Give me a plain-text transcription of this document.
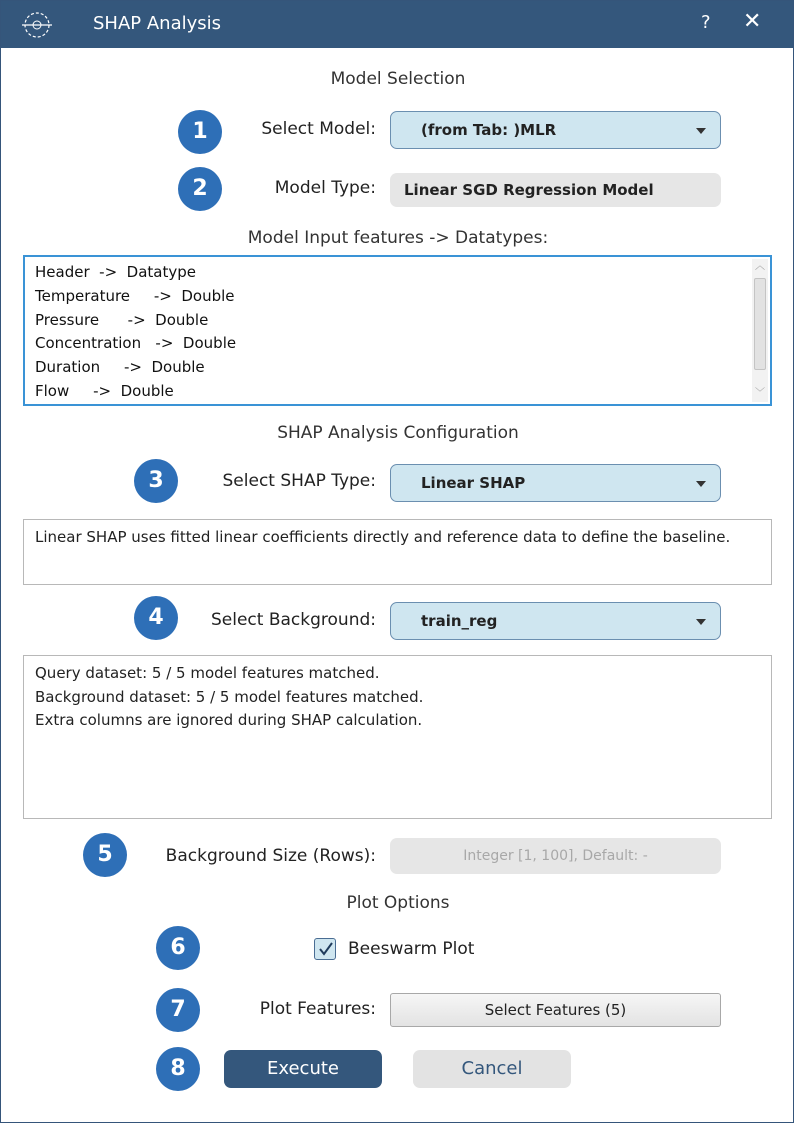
SHAP Analysis	? ✕
Model Selection
1	Select Model:	(from Tab: )MLR
2	Model Type:	Linear SGD Regression Model
Model Input features -> Datatypes:
Header  ->  Datatype
Temperature     ->  Double
Pressure      ->  Double
Concentration   ->  Double
Duration     ->  Double
Flow     ->  Double
︿
﹀
SHAP Analysis Configuration
3	Select SHAP Type:	Linear SHAP
Linear SHAP uses fitted linear coefficients directly and reference data to define the baseline.
4	Select Background:	train_reg
Query dataset: 5 / 5 model features matched.
Background dataset: 5 / 5 model features matched.
Extra columns are ignored during SHAP calculation.
5	Background Size (Rows):	Integer [1, 100], Default: -
Plot Options
6	Beeswarm Plot
7	Plot Features:	Select Features (5)
8	Execute	Cancel
